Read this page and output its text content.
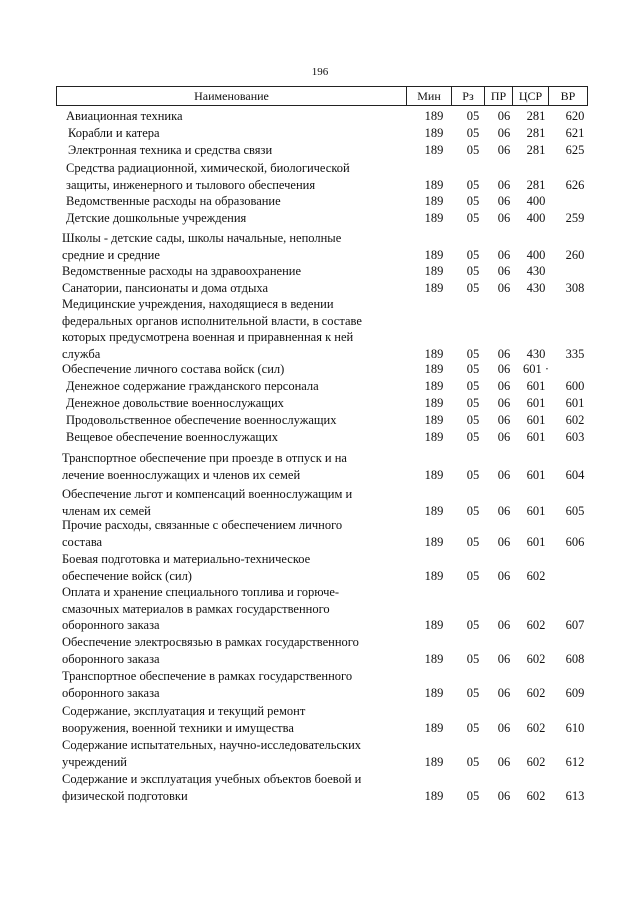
196
Наименование	Мин	Рз	ПР	ЦСР	ВР
Авиационная техника	189	05	06	281	620
Корабли и катера	189	05	06	281	621
Электронная техника и средства связи	189	05	06	281	625
Средства радиационной, химической, биологической
защиты, инженерного и тылового обеспечения	189	05	06	281	626
Ведомственные расходы на образование	189	05	06	400
Детские дошкольные учреждения	189	05	06	400	259
Школы - детские сады, школы начальные, неполные
средние и средние	189	05	06	400	260
Ведомственные расходы на здравоохранение	189	05	06	430
Санатории, пансионаты и дома отдыха	189	05	06	430	308
Медицинские учреждения, находящиеся в ведении
федеральных органов исполнительной власти, в составе
которых предусмотрена военная и приравненная к ней
служба	189	05	06	430	335
Обеспечение личного состава войск (сил)	189	05	06	601 ·
Денежное содержание гражданского персонала	189	05	06	601	600
Денежное довольствие военнослужащих	189	05	06	601	601
Продовольственное обеспечение военнослужащих	189	05	06	601	602
Вещевое обеспечение военнослужащих	189	05	06	601	603
Транспортное обеспечение при проезде в отпуск и на
лечение военнослужащих и членов их семей	189	05	06	601	604
Обеспечение льгот и компенсаций военнослужащим и
членам их семей	189	05	06	601	605
Прочие расходы, связанные с обеспечением личного
состава	189	05	06	601	606
Боевая подготовка и материально-техническое
обеспечение войск (сил)	189	05	06	602
Оплата и хранение специального топлива и горюче-
смазочных материалов в рамках государственного
оборонного заказа	189	05	06	602	607
Обеспечение электросвязью в рамках государственного
оборонного заказа	189	05	06	602	608
Транспортное обеспечение в рамках государственного
оборонного заказа	189	05	06	602	609
Содержание, эксплуатация и текущий ремонт
вооружения, военной техники и имущества	189	05	06	602	610
Содержание испытательных, научно-исследовательских
учреждений	189	05	06	602	612
Содержание и эксплуатация учебных объектов боевой и
физической подготовки	189	05	06	602	613
